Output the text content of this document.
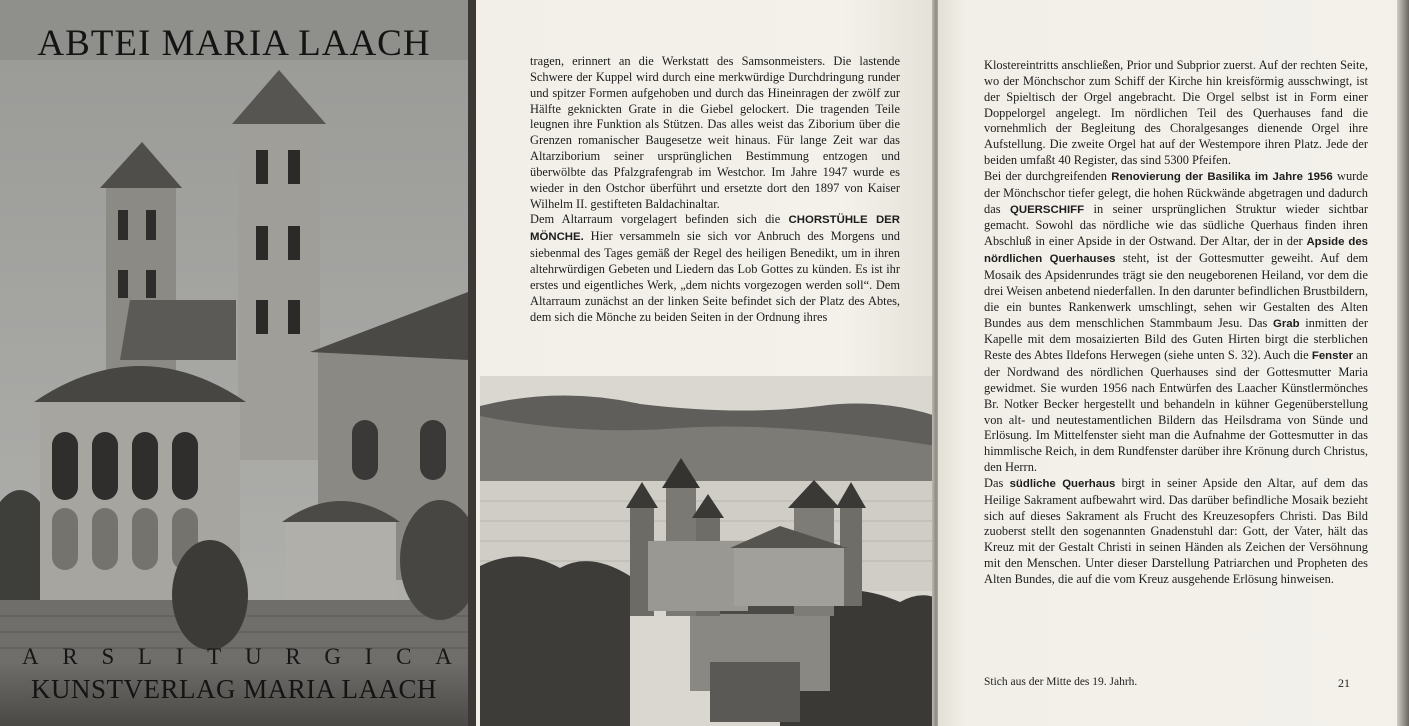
ABTEI MARIA LAACH
A R S L I T U R G I C A
KUNSTVERLAG MARIA LAACH

tragen, erinnert an die Werkstatt des Samsonmeisters. Die lastende Schwere der Kuppel wird durch eine merkwürdige Durchdringung runder und spitzer Formen aufgehoben und durch das Hineinragen der zwölf zur Hälfte geknickten Grate in die Giebel gelockert. Die tragenden Teile leugnen ihre Funktion als Stützen. Das alles weist das Ziborium über die Grenzen romanischer Baugesetze weit hinaus. Für lange Zeit war das Altarziborium seiner ursprünglichen Bestimmung entzogen und überwölbte das Pfalzgrafengrab im Westchor. Im Jahre 1947 wurde es wieder in den Ostchor überführt und ersetzte dort den 1897 von Kaiser Wilhelm II. gestifteten Baldachinaltar.

Dem Altarraum vorgelagert befinden sich die CHORSTÜHLE DER MÖNCHE. Hier versammeln sie sich vor Anbruch des Morgens und siebenmal des Tages gemäß der Regel des heiligen Benedikt, um in ihren altehrwürdigen Gebeten und Liedern das Lob Gottes zu künden. Es ist ihr erstes und eigentliches Werk, „dem nichts vorgezogen werden soll“. Dem Altarraum zunächst an der linken Seite befindet sich der Platz des Abtes, dem sich die Mönche zu beiden Seiten in der Ordnung ihres

Klostereintritts anschließen, Prior und Subprior zuerst. Auf der rechten Seite, wo der Mönchschor zum Schiff der Kirche hin kreisförmig ausschwingt, ist der Spieltisch der Orgel angebracht. Die Orgel selbst ist in Form einer Doppelorgel angelegt. Im nördlichen Teil des Querhauses fand die vornehmlich der Begleitung des Choralgesanges dienende Orgel ihre Aufstellung. Die zweite Orgel hat auf der Westempore ihren Platz. Jede der beiden umfaßt 40 Register, das sind 5300 Pfeifen.

Bei der durchgreifenden Renovierung der Basilika im Jahre 1956 wurde der Mönchschor tiefer gelegt, die hohen Rückwände abgetragen und dadurch das QUERSCHIFF in seiner ursprünglichen Struktur wieder sichtbar gemacht. Sowohl das nördliche wie das südliche Querhaus finden ihren Abschluß in einer Apside in der Ostwand. Der Altar, der in der Apside des nördlichen Querhauses steht, ist der Gottesmutter geweiht. Auf dem Mosaik des Apsidenrundes trägt sie den neugeborenen Heiland, vor dem die drei Weisen anbetend niederfallen. In den darunter befindlichen Brustbildern, die ein buntes Rankenwerk umschlingt, sehen wir Gestalten des Alten Bundes aus dem menschlichen Stammbaum Jesu. Das Grab inmitten der Kapelle mit dem mosaizierten Bild des Guten Hirten birgt die sterblichen Reste des Abtes Ildefons Herwegen (siehe unten S. 32). Auch die Fenster an der Nordwand des nördlichen Querhauses sind der Gottesmutter Maria gewidmet. Sie wurden 1956 nach Entwürfen des Laacher Künstlermönches Br. Notker Becker hergestellt und behandeln in kühner Gegenüberstellung von alt- und neutestamentlichen Bildern das Heilsdrama von Sünde und Erlösung. Im Mittelfenster sieht man die Aufnahme der Gottesmutter in das himmlische Reich, in dem Rundfenster darüber ihre Krönung durch Christus, den Herrn.

Das südliche Querhaus birgt in seiner Apside den Altar, auf dem das Heilige Sakrament aufbewahrt wird. Das darüber befindliche Mosaik bezieht sich auf dieses Sakrament als Frucht des Kreuzesopfers Christi. Das Bild zuoberst stellt den sogenannten Gnadenstuhl dar: Gott, der Vater, hält das Kreuz mit der Gestalt Christi in seinen Händen als Zeichen der Versöhnung mit den Menschen. Unter dieser Darstellung Patriarchen und Propheten des Alten Bundes, die auf die vom Kreuz ausgehende Erlösung hinweisen.

Stich aus der Mitte des 19. Jahrh.	21
